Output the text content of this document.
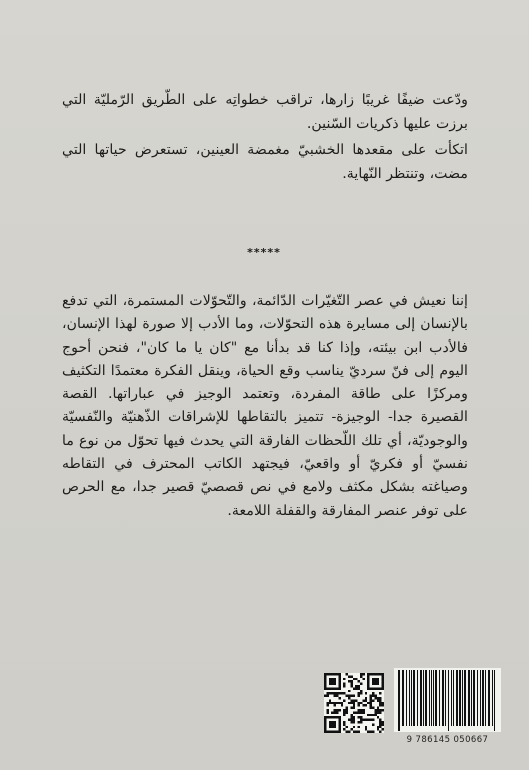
ودّعت ضيفًا غريبًا زارها، تراقب خطواتِه على الطّريق الرّمليّة التي برزت عليها ذكريات السّنين.

اتكأت على مقعدها الخشبيّ مغمضة العينين، تستعرض حياتها التي مضت، وتنتظر النّهاية.

*****

إننا نعيش في عصر التّغيّرات الدّائمة، والتّحوّلات المستمرة، التي تدفع بالإنسان إلى مسايرة هذه التحوّلات، وما الأدب إلا صورة لهذا الإنسان، فالأدب ابن بيئته، وإذا كنا قد بدأنا مع "كان يا ما كان"، فنحن أحوج اليوم إلى فنّ سرديّ يناسب وقع الحياة، وينقل الفكرة معتمدًا التكثيف ومركزًا على طاقة المفردة، وتعتمد الوجيز في عباراتها. القصة القصيرة جدا- الوجيزة- تتميز بالتقاطها للإشراقات الذّهنيّة والنّفسيّة والوجوديّة، أي تلك اللّحظات الفارقة التي يحدث فيها تحوّل من نوع ما نفسيّ أو فكريّ أو واقعيّ، فيجتهد الكاتب المحترف في التقاطه وصياغته بشكل مكثف ولامع في نص قصصيّ قصير جدا، مع الحرص على توفر عنصر المفارقة والقفلة اللامعة.

9 786145 050667
